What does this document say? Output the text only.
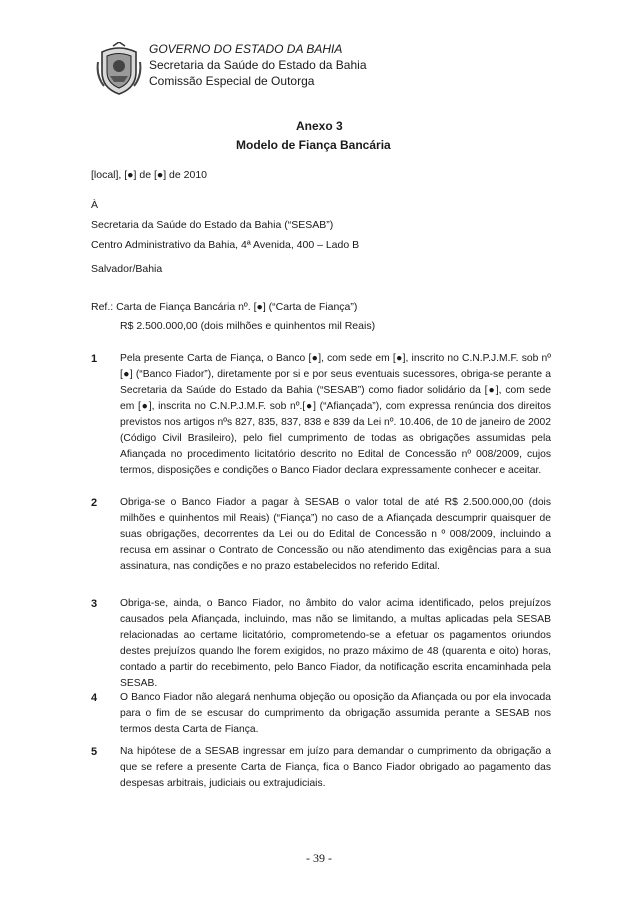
GOVERNO DO ESTADO DA BAHIA
Secretaria da Saúde do Estado da Bahia
Comissão Especial de Outorga
Anexo 3
Modelo de Fiança Bancária
[local], [●] de [●] de 2010
À
Secretaria da Saúde do Estado da Bahia (“SESAB”)
Centro Administrativo da Bahia, 4ª Avenida, 400 – Lado B
Salvador/Bahia
Ref.: Carta de Fiança Bancária nº. [●] (“Carta de Fiança”)
R$ 2.500.000,00 (dois milhões e quinhentos mil Reais)
1 Pela presente Carta de Fiança, o Banco [●], com sede em [●], inscrito no C.N.P.J.M.F. sob nº [●] (“Banco Fiador”), diretamente por si e por seus eventuais sucessores, obriga-se perante a Secretaria da Saúde do Estado da Bahia (“SESAB”) como fiador solidário da [●], com sede em [●], inscrita no C.N.P.J.M.F. sob nº.[●] (“Afiançada”), com expressa renúncia dos direitos previstos nos artigos nºs 827, 835, 837, 838 e 839 da Lei nº. 10.406, de 10 de janeiro de 2002 (Código Civil Brasileiro), pelo fiel cumprimento de todas as obrigações assumidas pela Afiançada no procedimento licitatório descrito no Edital de Concessão nº 008/2009, cujos termos, disposições e condições o Banco Fiador declara expressamente conhecer e aceitar.
2 Obriga-se o Banco Fiador a pagar à SESAB o valor total de até R$ 2.500.000,00 (dois milhões e quinhentos mil Reais) (“Fiança”) no caso de a Afiançada descumprir quaisquer de suas obrigações, decorrentes da Lei ou do Edital de Concessão n º 008/2009, incluindo a recusa em assinar o Contrato de Concessão ou não atendimento das exigências para a sua assinatura, nas condições e no prazo estabelecidos no referido Edital.
3 Obriga-se, ainda, o Banco Fiador, no âmbito do valor acima identificado, pelos prejuízos causados pela Afiançada, incluindo, mas não se limitando, a multas aplicadas pela SESAB relacionadas ao certame licitatório, comprometendo-se a efetuar os pagamentos oriundos destes prejuízos quando lhe forem exigidos, no prazo máximo de 48 (quarenta e oito) horas, contado a partir do recebimento, pelo Banco Fiador, da notificação escrita encaminhada pela SESAB.
4 O Banco Fiador não alegará nenhuma objeção ou oposição da Afiançada ou por ela invocada para o fim de se escusar do cumprimento da obrigação assumida perante a SESAB nos termos desta Carta de Fiança.
5 Na hipótese de a SESAB ingressar em juízo para demandar o cumprimento da obrigação a que se refere a presente Carta de Fiança, fica o Banco Fiador obrigado ao pagamento das despesas arbitrais, judiciais ou extrajudiciais.
- 39 -
